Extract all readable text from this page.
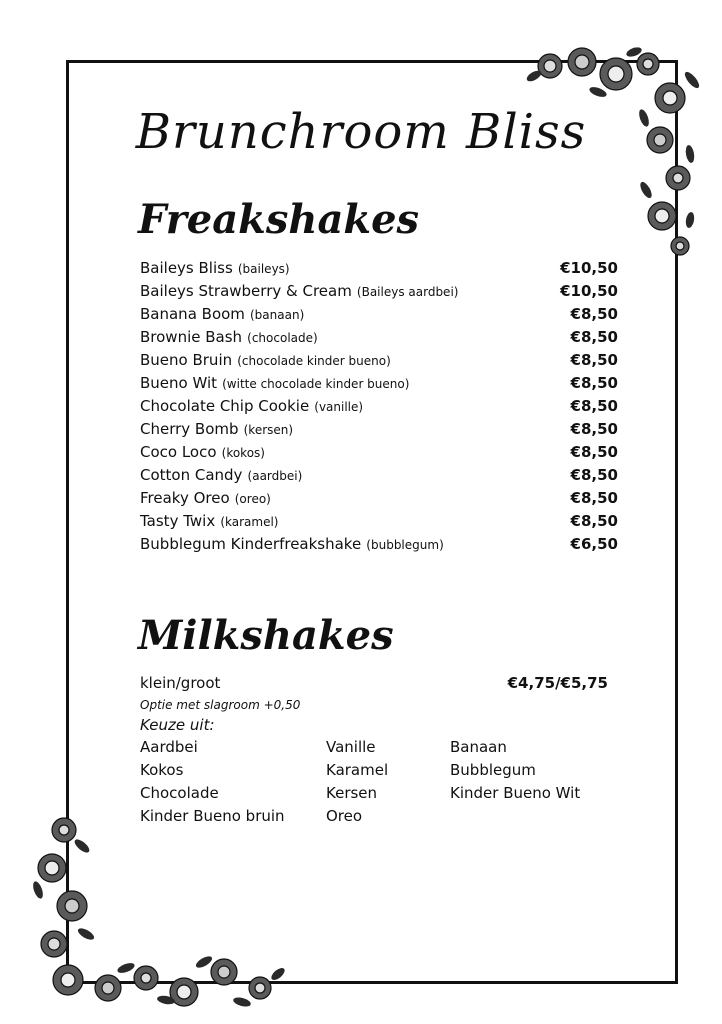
Brunchroom Bliss
Freakshakes
Baileys Bliss (baileys)	€10,50
Baileys Strawberry & Cream (Baileys aardbei)	€10,50
Banana Boom (banaan)	€8,50
Brownie Bash (chocolade)	€8,50
Bueno Bruin (chocolade kinder bueno)	€8,50
Bueno Wit (witte chocolade kinder bueno)	€8,50
Chocolate Chip Cookie (vanille)	€8,50
Cherry Bomb (kersen)	€8,50
Coco Loco (kokos)	€8,50
Cotton Candy (aardbei)	€8,50
Freaky Oreo (oreo)	€8,50
Tasty Twix (karamel)	€8,50
Bubblegum Kinderfreakshake (bubblegum)	€6,50
Milkshakes
klein/groot	€4,75/€5,75
Optie met slagroom +0,50
Keuze uit:
Aardbei	Vanille	Banaan
Kokos	Karamel	Bubblegum
Chocolade	Kersen	Kinder Bueno Wit
Kinder Bueno bruin	Oreo
